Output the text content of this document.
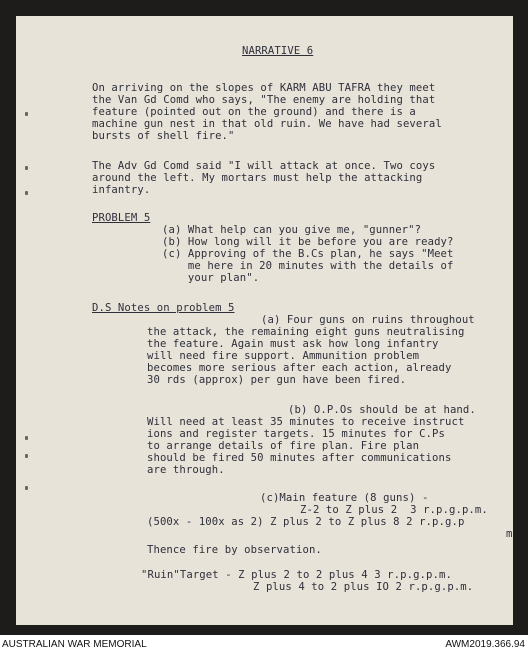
NARRATIVE 6
On arriving on the slopes of KARM ABU TAFRA they meet
the Van Gd Comd who says, "The enemy are holding that
feature (pointed out on the ground) and there is a
machine gun nest in that old ruin. We have had several
bursts of shell fire."
The Adv Gd Comd said "I will attack at once. Two coys
around the left. My mortars must help the attacking
infantry.
PROBLEM 5
(a) What help can you give me, "gunner"?
(b) How long will it be before you are ready?
(c) Approving of the B.Cs plan, he says "Meet
me here in 20 minutes with the details of
your plan".
D.S Notes on problem 5
(a) Four guns on ruins throughout
the attack, the remaining eight guns neutralising
the feature. Again must ask how long infantry
will need fire support. Ammunition problem
becomes more serious after each action, already
30 rds (approx) per gun have been fired.
(b) O.P.Os should be at hand.
Will need at least 35 minutes to receive instruct
ions and register targets. 15 minutes for C.Ps
to arrange details of fire plan. Fire plan
should be fired 50 minutes after communications
are through.
(c)Main feature (8 guns) -
Z-2 to Z plus 2  3 r.p.g.p.m.
(500x - 100x as 2) Z plus 2 to Z plus 8 2 r.p.g.p
m
Thence fire by observation.
"Ruin"Target - Z plus 2 to 2 plus 4 3 r.p.g.p.m.
Z plus 4 to 2 plus IO 2 r.p.g.p.m.
AUSTRALIAN WAR MEMORIAL	AWM2019.366.94
